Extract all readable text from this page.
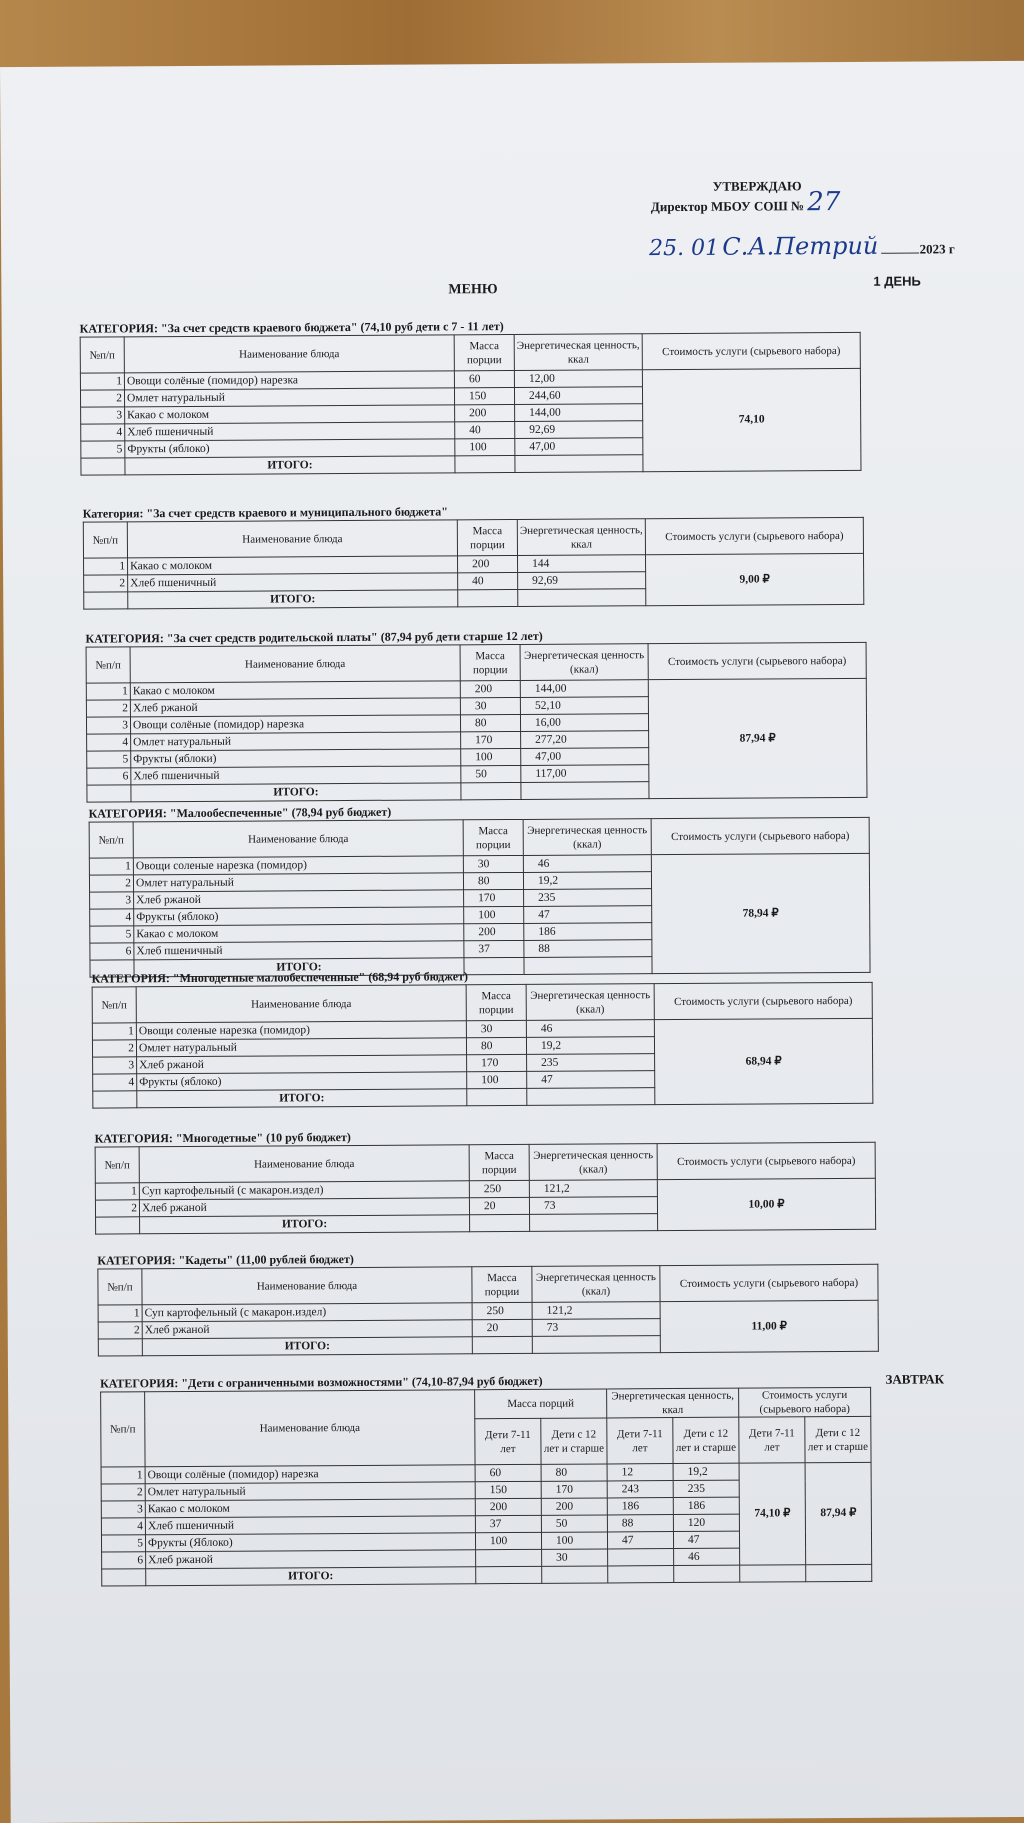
УТВЕРЖДАЮ
Директор МБОУ СОШ № 27
25. 01 С.А.Петрий	2023 г
МЕНЮ
1 ДЕНЬ
КАТЕГОРИЯ: "За счет средств краевого бюджета" (74,10 руб дети с 7 - 11 лет)
№п/п	Наименование блюда	Масса порции	Энергетическая ценность, ккал	Стоимость услуги (сырьевого набора)
1	Овощи солёные (помидор) нарезка	60	12,00	74,10
2	Омлет натуральный	150	244,60	
3	Какао с молоком	200	144,00	
4	Хлеб пшеничный	40	92,69	
5	Фрукты (яблоко)	100	47,00	
	ИТОГО:			
Категория: "За счет средств краевого и муниципального бюджета"
№п/п	Наименование блюда	Масса порции	Энергетическая ценность, ккал	Стоимость услуги (сырьевого набора)
1	Какао с молоком	200	144	9,00 ₽
2	Хлеб пшеничный	40	92,69	
	ИТОГО:			
КАТЕГОРИЯ: "За счет средств родительской платы" (87,94 руб дети старше 12 лет)
№п/п	Наименование блюда	Масса порции	Энергетическая ценность (ккал)	Стоимость услуги (сырьевого набора)
1	Какао с молоком	200	144,00	87,94 ₽
2	Хлеб ржаной	30	52,10	
3	Овощи солёные (помидор) нарезка	80	16,00	
4	Омлет натуральный	170	277,20	
5	Фрукты (яблоки)	100	47,00	
6	Хлеб пшеничный	50	117,00	
	ИТОГО:			
КАТЕГОРИЯ: "Малообеспеченные" (78,94 руб бюджет)
№п/п	Наименование блюда	Масса порции	Энергетическая ценность (ккал)	Стоимость услуги (сырьевого набора)
1	Овощи соленые нарезка (помидор)	30	46	78,94 ₽
2	Омлет натуральный	80	19,2	
3	Хлеб ржаной	170	235	
4	Фрукты (яблоко)	100	47	
5	Какао с молоком	200	186	
6	Хлеб пшеничный	37	88	
	ИТОГО:			
КАТЕГОРИЯ: "Многодетные малообеспеченные" (68,94 руб бюджет)
№п/п	Наименование блюда	Масса порции	Энергетическая ценность (ккал)	Стоимость услуги (сырьевого набора)
1	Овощи соленые нарезка (помидор)	30	46	68,94 ₽
2	Омлет натуральный	80	19,2	
3	Хлеб ржаной	170	235	
4	Фрукты (яблоко)	100	47	
	ИТОГО:			
КАТЕГОРИЯ: "Многодетные" (10 руб бюджет)
№п/п	Наименование блюда	Масса порции	Энергетическая ценность (ккал)	Стоимость услуги (сырьевого набора)
1	Суп картофельный (с макарон.издел)	250	121,2	10,00 ₽
2	Хлеб ржаной	20	73	
	ИТОГО:			
КАТЕГОРИЯ: "Кадеты" (11,00 рублей бюджет)
№п/п	Наименование блюда	Масса порции	Энергетическая ценность (ккал)	Стоимость услуги (сырьевого набора)
1	Суп картофельный (с макарон.издел)	250	121,2	11,00 ₽
2	Хлеб ржаной	20	73	
	ИТОГО:			
КАТЕГОРИЯ: "Дети с ограниченными возможностями" (74,10-87,94 руб бюджет)	ЗАВТРАК
№п/п	Наименование блюда	Масса порций		Энергетическая ценность, ккал		Стоимость услуги (сырьевого набора)	
		Дети 7-11 лет	Дети с 12 лет и старше	Дети 7-11 лет	Дети с 12 лет и старше	Дети 7-11 лет	Дети с 12 лет и старше
1	Овощи солёные (помидор) нарезка	60	80	12	19,2	74,10 ₽	87,94 ₽
2	Омлет натуральный	150	170	243	235		
3	Какао с молоком	200	200	186	186		
4	Хлеб пшеничный	37	50	88	120		
5	Фрукты (Яблоко)	100	100	47	47		
6	Хлеб ржаной		30		46		
	ИТОГО:						
